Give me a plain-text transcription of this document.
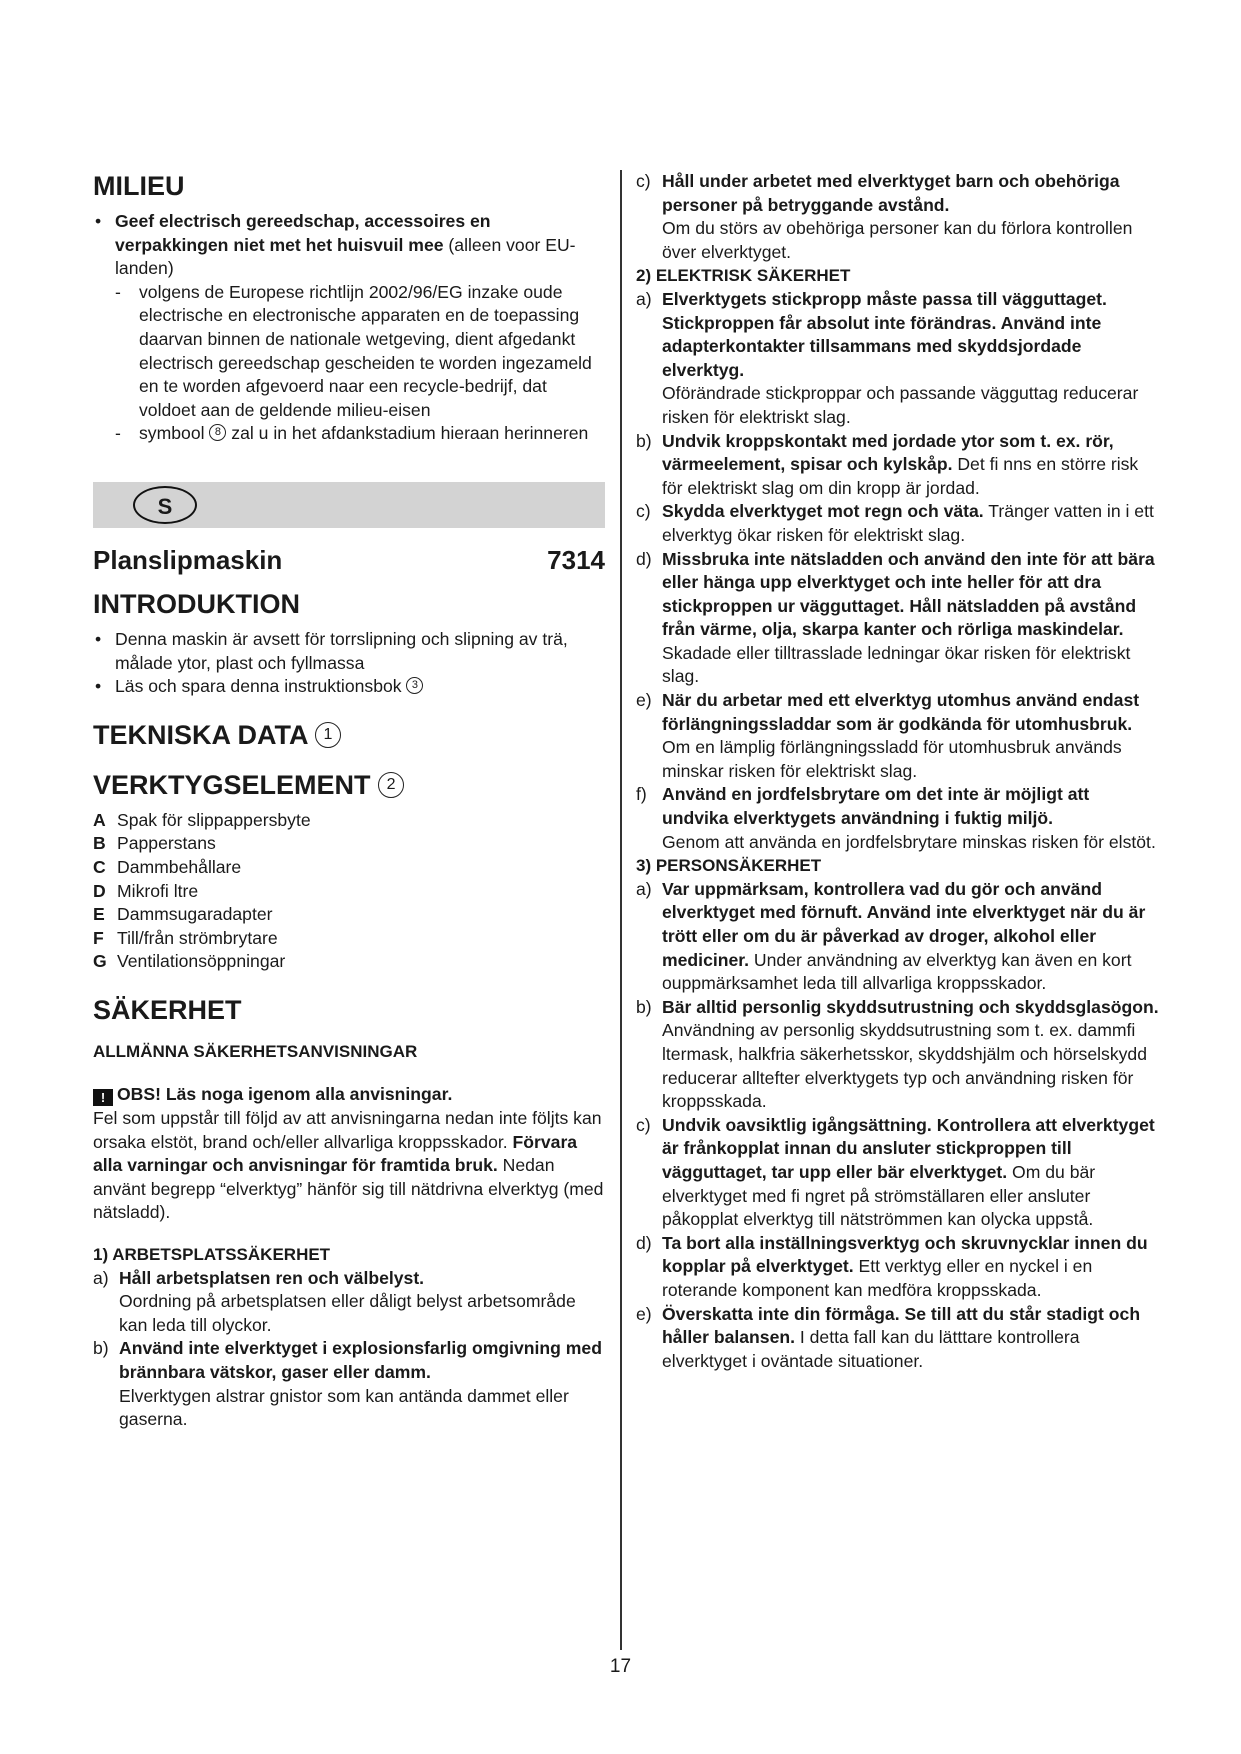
MILIEU
• Geef electrisch gereedschap, accessoires en verpakkingen niet met het huisvuil mee (alleen voor EU-landen)
- volgens de Europese richtlijn 2002/96/EG inzake oude electrische en electronische apparaten en de toepassing daarvan binnen de nationale wetgeving, dient afgedankt electrisch gereedschap gescheiden te worden ingezameld en te worden afgevoerd naar een recycle-bedrijf, dat voldoet aan de geldende milieu-eisen
- symbool 8 zal u in het afdankstadium hieraan herinneren
S
Planslipmaskin	7314
INTRODUKTION
• Denna maskin är avsett för torrslipning och slipning av trä, målade ytor, plast och fyllmassa
• Läs och spara denna instruktionsbok 3
TEKNISKA DATA 1
VERKTYGSELEMENT 2
A Spak för slippappersbyte
B Papperstans
C Dammbehållare
D Mikrofi ltre
E Dammsugaradapter
F Till/från strömbrytare
G Ventilationsöppningar
SÄKERHET
ALLMÄNNA SÄKERHETSANVISNINGAR
! OBS! Läs noga igenom alla anvisningar.
Fel som uppstår till följd av att anvisningarna nedan inte följts kan orsaka elstöt, brand och/eller allvarliga kroppsskador. Förvara alla varningar och anvisningar för framtida bruk. Nedan använt begrepp “elverktyg” hänför sig till nätdrivna elverktyg (med nätsladd).
1) ARBETSPLATSSÄKERHET
a) Håll arbetsplatsen ren och välbelyst.
Oordning på arbetsplatsen eller dåligt belyst arbetsområde kan leda till olyckor.
b) Använd inte elverktyget i explosionsfarlig omgivning med brännbara vätskor, gaser eller damm.
Elverktygen alstrar gnistor som kan antända dammet eller gaserna.
c) Håll under arbetet med elverktyget barn och obehöriga personer på betryggande avstånd.
Om du störs av obehöriga personer kan du förlora kontrollen över elverktyget.
2) ELEKTRISK SÄKERHET
a) Elverktygets stickpropp måste passa till vägguttaget. Stickproppen får absolut inte förändras. Använd inte adapterkontakter tillsammans med skyddsjordade elverktyg.
Oförändrade stickproppar och passande vägguttag reducerar risken för elektriskt slag.
b) Undvik kroppskontakt med jordade ytor som t. ex. rör, värmeelement, spisar och kylskåp. Det fi nns en större risk för elektriskt slag om din kropp är jordad.
c) Skydda elverktyget mot regn och väta. Tränger vatten in i ett elverktyg ökar risken för elektriskt slag.
d) Missbruka inte nätsladden och använd den inte för att bära eller hänga upp elverktyget och inte heller för att dra stickproppen ur vägguttaget. Håll nätsladden på avstånd från värme, olja, skarpa kanter och rörliga maskindelar. Skadade eller tilltrasslade ledningar ökar risken för elektriskt slag.
e) När du arbetar med ett elverktyg utomhus använd endast förlängningssladdar som är godkända för utomhusbruk. Om en lämplig förlängningssladd för utomhusbruk används minskar risken för elektriskt slag.
f) Använd en jordfelsbrytare om det inte är möjligt att undvika elverktygets användning i fuktig miljö.
Genom att använda en jordfelsbrytare minskas risken för elstöt.
3) PERSONSÄKERHET
a) Var uppmärksam, kontrollera vad du gör och använd elverktyget med förnuft. Använd inte elverktyget när du är trött eller om du är påverkad av droger, alkohol eller mediciner. Under användning av elverktyg kan även en kort ouppmärksamhet leda till allvarliga kroppsskador.
b) Bär alltid personlig skyddsutrustning och skyddsglasögon. Användning av personlig skyddsutrustning som t. ex. dammfi ltermask, halkfria säkerhetsskor, skyddshjälm och hörselskydd reducerar alltefter elverktygets typ och användning risken för kroppsskada.
c) Undvik oavsiktlig igångsättning. Kontrollera att elverktyget är frånkopplat innan du ansluter stickproppen till vägguttaget, tar upp eller bär elverktyget. Om du bär elverktyget med fi ngret på strömställaren eller ansluter påkopplat elverktyg till nätströmmen kan olycka uppstå.
d) Ta bort alla inställningsverktyg och skruvnycklar innen du kopplar på elverktyget. Ett verktyg eller en nyckel i en roterande komponent kan medföra kroppsskada.
e) Överskatta inte din förmåga. Se till att du står stadigt och håller balansen. I detta fall kan du lätttare kontrollera elverktyget i oväntade situationer.
17
